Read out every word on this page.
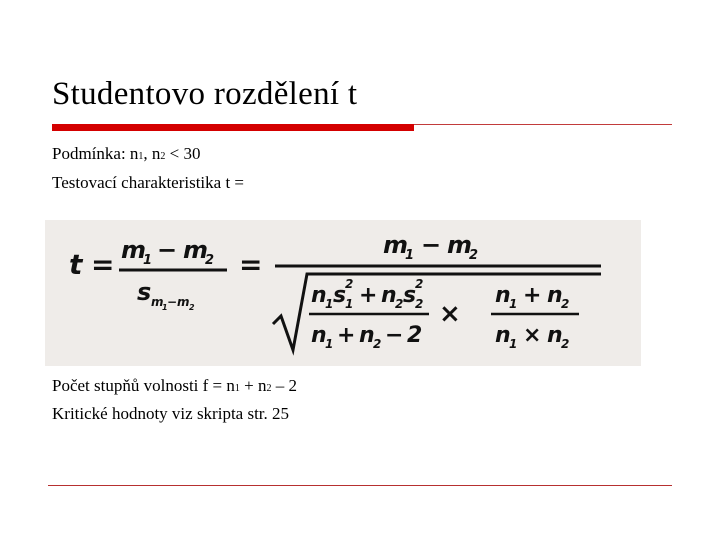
Studentovo rozdělení t
Podmínka: n1, n2 < 30
Testovací charakteristika t =
t = m
1 − m
2
s m
1 −m 2
=
m
1 − m
2
n
1 s
1
2 + n
2 s
2
2
n
1 + n
2 − 2
×
n
1 + n
2
n
1 × n
2
Počet stupňů volnosti f = n1 + n2 – 2
Kritické hodnoty viz skripta str. 25
